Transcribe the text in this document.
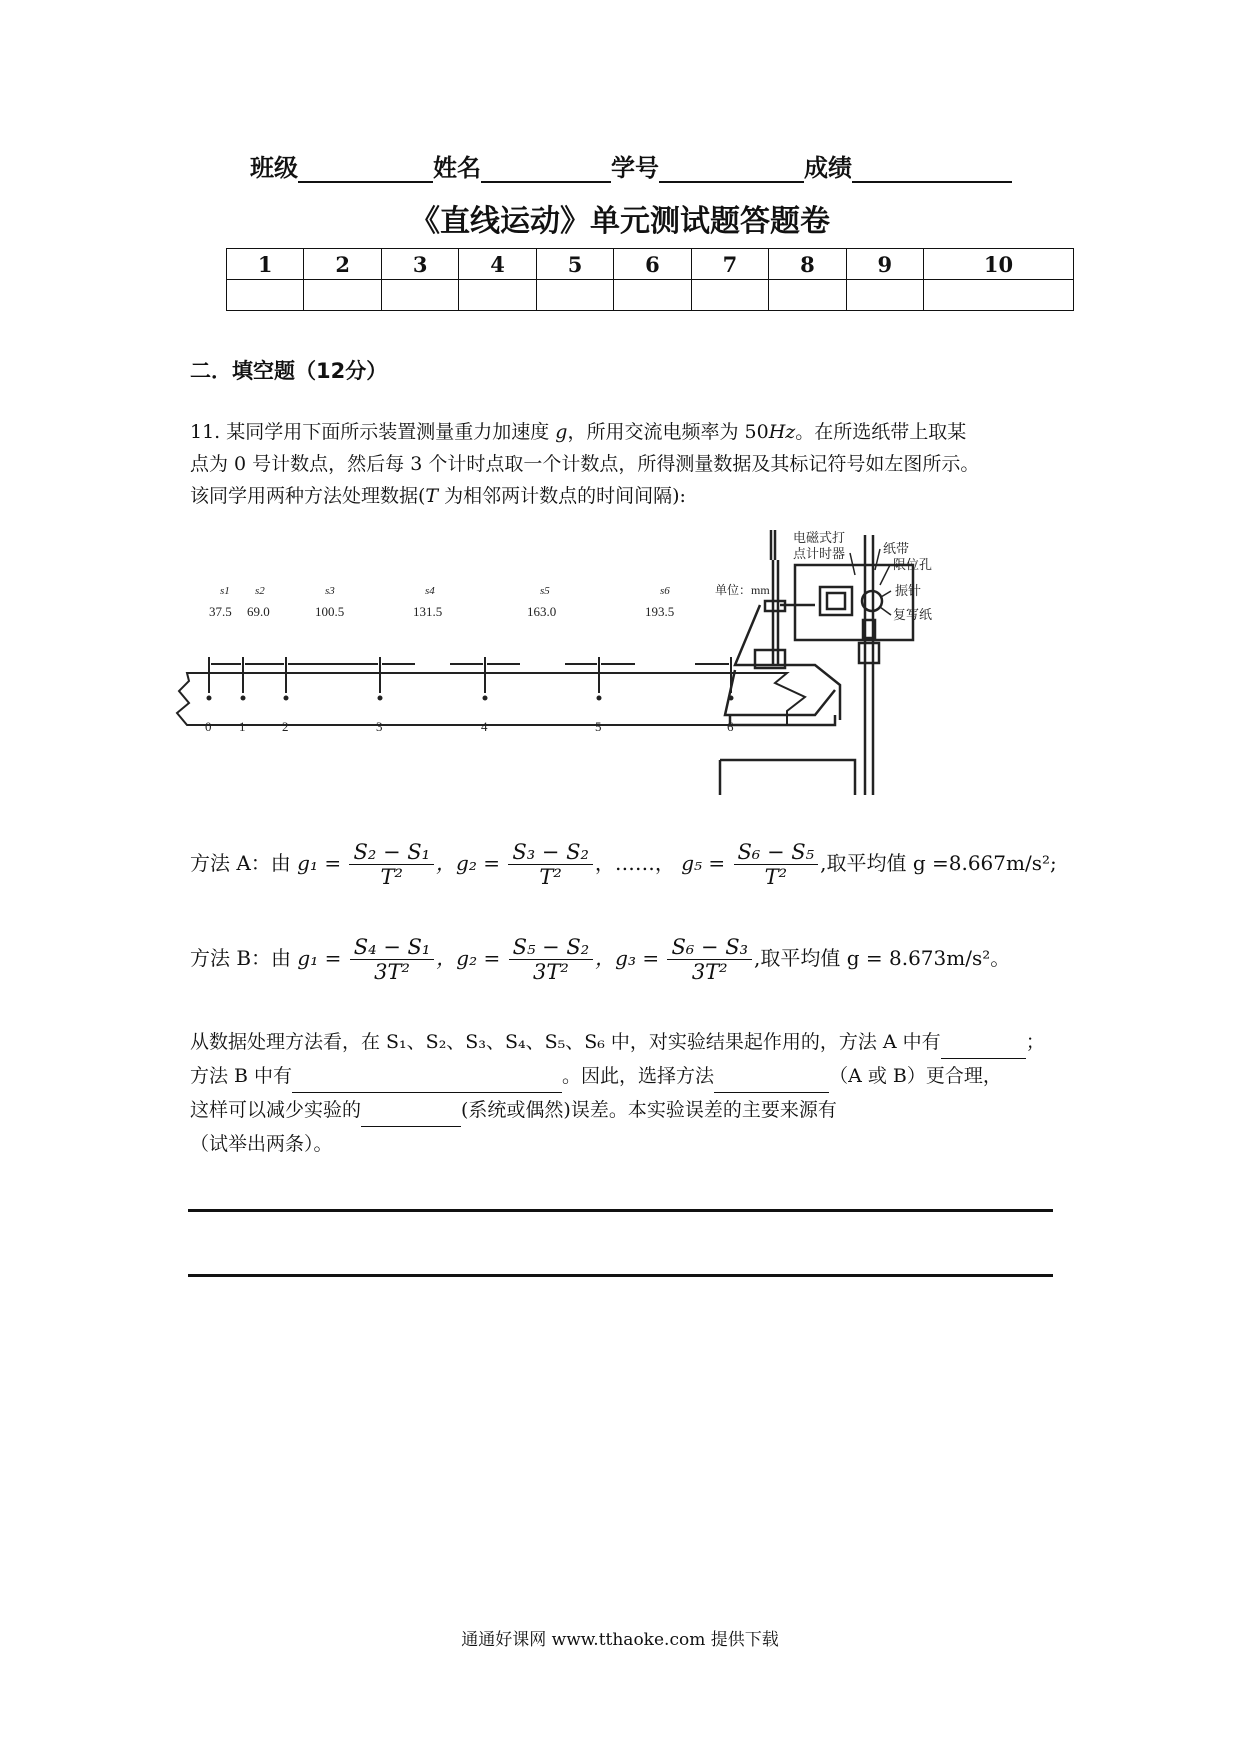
班级	姓名	学号	成绩
《直线运动》单元测试题答题卷
1	2	3	4	5	6	7	8	9	10

二．填空题（12分）
11. 某同学用下面所示装置测量重力加速度 g，所用交流电频率为 50Hz。在所选纸带上取某
点为 0 号计数点，然后每 3 个计时点取一个计数点，所得测量数据及其标记符号如左图所示。
该同学用两种方法处理数据(T 为相邻两计数点的时间间隔):
s1 s2	s3	s4	s5	s6
37.5 69.0	100.5	131.5	163.0	193.5
单位：mm
0 1	2	3	4	5	6
电磁式打
点计时器	纸带
限位孔
振针
复写纸
方法 A：由 $g_1 = \frac{\text{S₂ − S₁}}{\text{T²}}$ ，$g_2 = \frac{\text{S₃ − S₂}}{\text{T²}}$ ，……， $g_5 = \frac{\text{S₆ − S₅}}{\text{T²}}$ ,取平均值 g =8.667m/s²;
方法 B：由 $g_1 = \frac{\text{S₄ − S₁}}{\text{3T²}}$ ，$g_2 = \frac{\text{S₅ − S₂}}{\text{3T²}}$ ，$g_3 = \frac{\text{S₆ − S₃}}{\text{3T²}}$ ,取平均值 g = 8.673m/s²。
从数据处理方法看，在 S₁、S₂、S₃、S₄、S₅、S₆ 中，对实验结果起作用的，方法 A 中有	；
方法 B 中有	。因此，选择方法	（A 或 B）更合理，
这样可以减少实验的	(系统或偶然)误差。本实验误差的主要来源有
（试举出两条）。
通通好课网 www.tthaoke.com 提供下载
